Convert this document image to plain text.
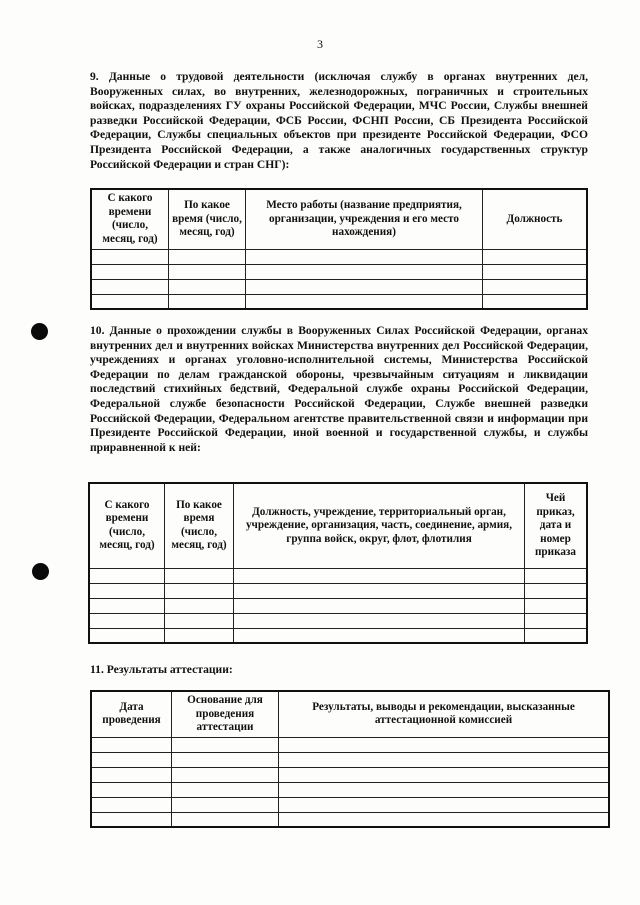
3
9. Данные о трудовой деятельности (исключая службу в органах внутренних дел, Вооруженных силах, во внутренних, железнодорожных, пограничных и строительных войсках, подразделениях ГУ охраны Российской Федерации, МЧС России, Службы внешней разведки Российской Федерации, ФСБ России, ФСНП России, СБ Президента Российской Федерации, Службы специальных объектов при президенте Российской Федерации, ФСО Президента Российской Федерации, а также аналогичных государственных структур Российской Федерации и стран СНГ):
С какого времени (число, месяц, год)	По какое время (число, месяц, год)	Место работы (название предприятия, организации, учреждения и его место нахождения)	Должность

10. Данные о прохождении службы в Вооруженных Силах Российской Федерации, органах внутренних дел и внутренних войсках Министерства внутренних дел Российской Федерации, учреждениях и органах уголовно-исполнительной системы, Министерства Российской Федерации по делам гражданской обороны, чрезвычайным ситуациям и ликвидации последствий стихийных бедствий, Федеральной службе охраны Российской Федерации, Федеральной службе безопасности Российской Федерации, Службе внешней разведки Российской Федерации, Федеральном агентстве правительственной связи и информации при Президенте Российской Федерации, иной военной и государственной службы, и службы приравненной к ней:
С какого времени (число, месяц, год)	По какое время (число, месяц, год)	Должность, учреждение, территориальный орган, учреждение, организация, часть, соединение, армия, группа войск, округ, флот, флотилия	Чей приказ, дата и номер приказа

11. Результаты аттестации:
Дата проведения	Основание для проведения аттестации	Результаты, выводы и рекомендации, высказанные аттестационной комиссией
